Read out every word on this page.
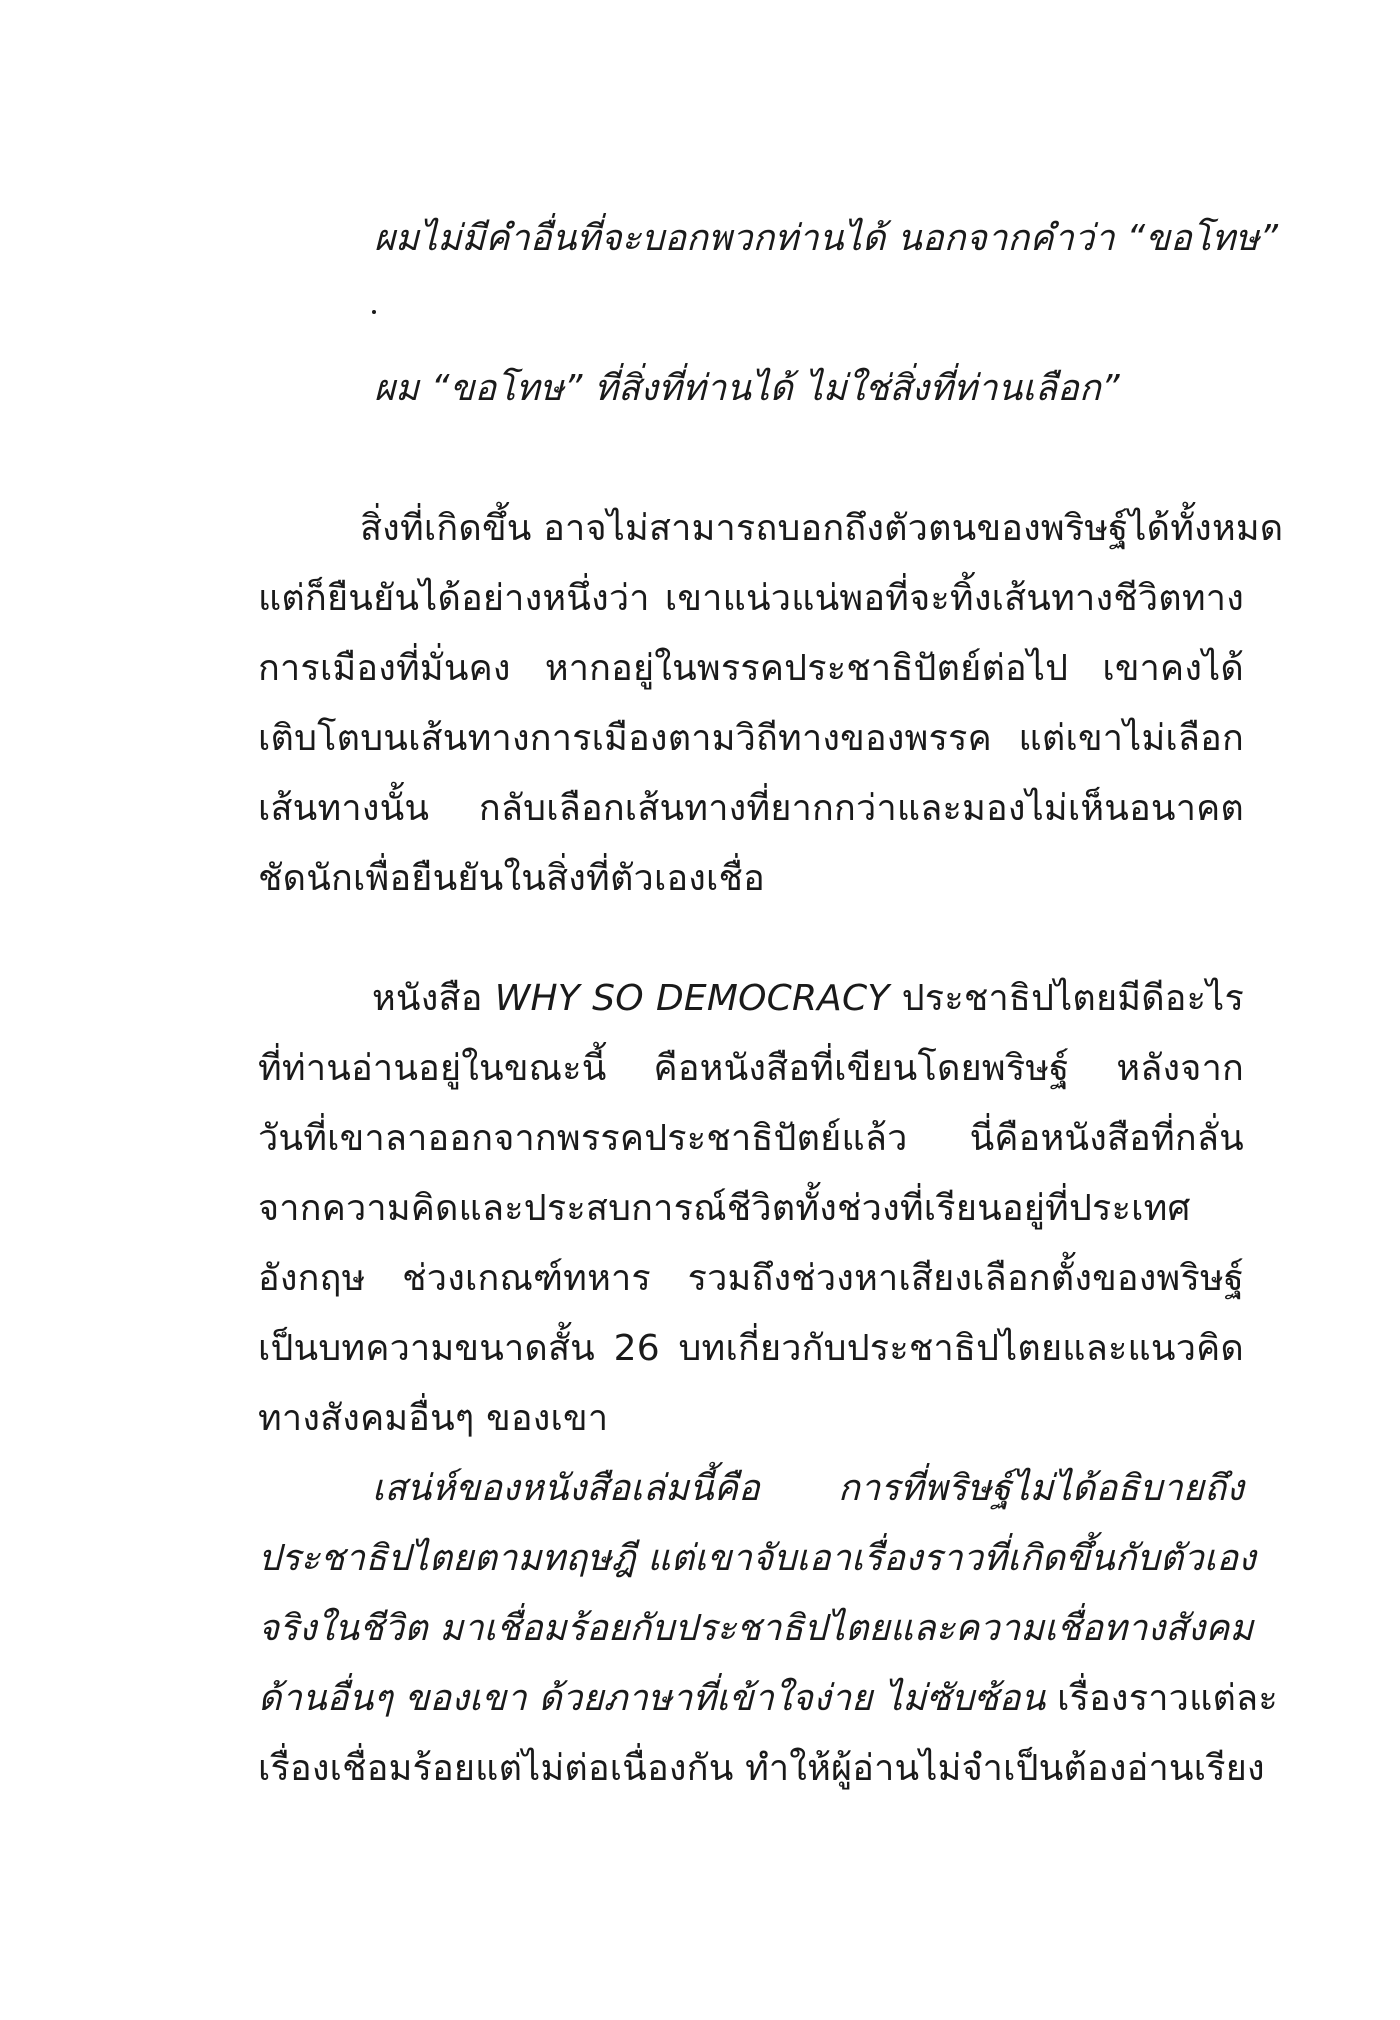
ผมไม่มีคำอื่นที่จะบอกพวกท่านได้ นอกจากคำว่า “ขอโทษ”
ผม “ขอโทษ” ที่สิ่งที่ท่านได้ ไม่ใช่สิ่งที่ท่านเลือก”
สิ่งที่เกิดขึ้น อาจไม่สามารถบอกถึงตัวตนของพริษฐ์ได้ทั้งหมด
แต่ก็ยืนยันได้อย่างหนึ่งว่า เขาแน่วแน่พอที่จะทิ้งเส้นทางชีวิตทาง
การเมืองที่มั่นคง หากอยู่ในพรรคประชาธิปัตย์ต่อไป เขาคงได้
เติบโตบนเส้นทางการเมืองตามวิถีทางของพรรค แต่เขาไม่เลือก
เส้นทางนั้น กลับเลือกเส้นทางที่ยากกว่าและมองไม่เห็นอนาคต
ชัดนักเพื่อยืนยันในสิ่งที่ตัวเองเชื่อ
หนังสือ WHY SO DEMOCRACY ประชาธิปไตยมีดีอะไร
ที่ท่านอ่านอยู่ในขณะนี้ คือหนังสือที่เขียนโดยพริษฐ์ หลังจาก
วันที่เขาลาออกจากพรรคประชาธิปัตย์แล้ว นี่คือหนังสือที่กลั่น
จากความคิดและประสบการณ์ชีวิตทั้งช่วงที่เรียนอยู่ที่ประเทศ
อังกฤษ ช่วงเกณฑ์ทหาร รวมถึงช่วงหาเสียงเลือกตั้งของพริษฐ์
เป็นบทความขนาดสั้น 26 บทเกี่ยวกับประชาธิปไตยและแนวคิด
ทางสังคมอื่นๆ ของเขา
เสน่ห์ของหนังสือเล่มนี้คือ การที่พริษฐ์ไม่ได้อธิบายถึง
ประชาธิปไตยตามทฤษฎี แต่เขาจับเอาเรื่องราวที่เกิดขึ้นกับตัวเอง
จริงในชีวิต มาเชื่อมร้อยกับประชาธิปไตยและความเชื่อทางสังคม
ด้านอื่นๆ ของเขา ด้วยภาษาที่เข้าใจง่าย ไม่ซับซ้อน เรื่องราวแต่ละ
เรื่องเชื่อมร้อยแต่ไม่ต่อเนื่องกัน ทำให้ผู้อ่านไม่จำเป็นต้องอ่านเรียง
